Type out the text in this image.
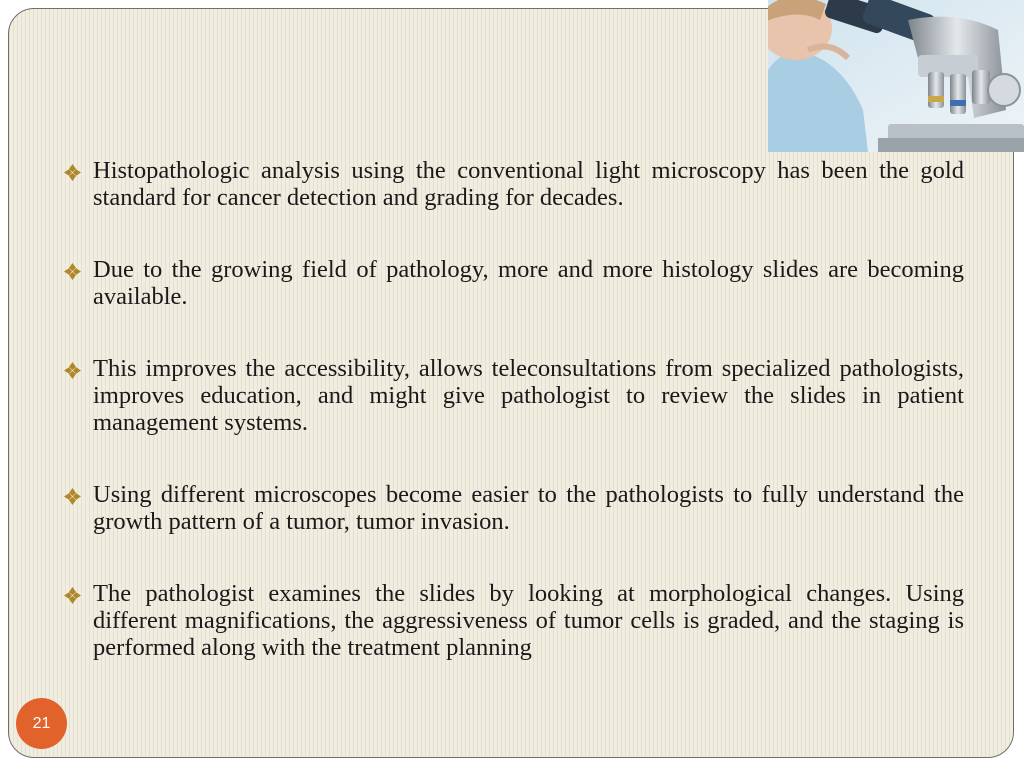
Histopathologic analysis using the conventional light microscopy has been the gold standard for cancer detection and grading for decades.
Due to the growing field of pathology, more and more histology slides are becoming available.
This improves the accessibility, allows teleconsultations from specialized pathologists, improves education, and might give pathologist to review the slides in patient management systems.
Using different microscopes become easier to the pathologists to fully understand the growth pattern of a tumor, tumor invasion.
The pathologist examines the slides by looking at morphological changes. Using different magnifications, the aggressiveness of tumor cells is graded, and the staging is performed along with the treatment planning
21
